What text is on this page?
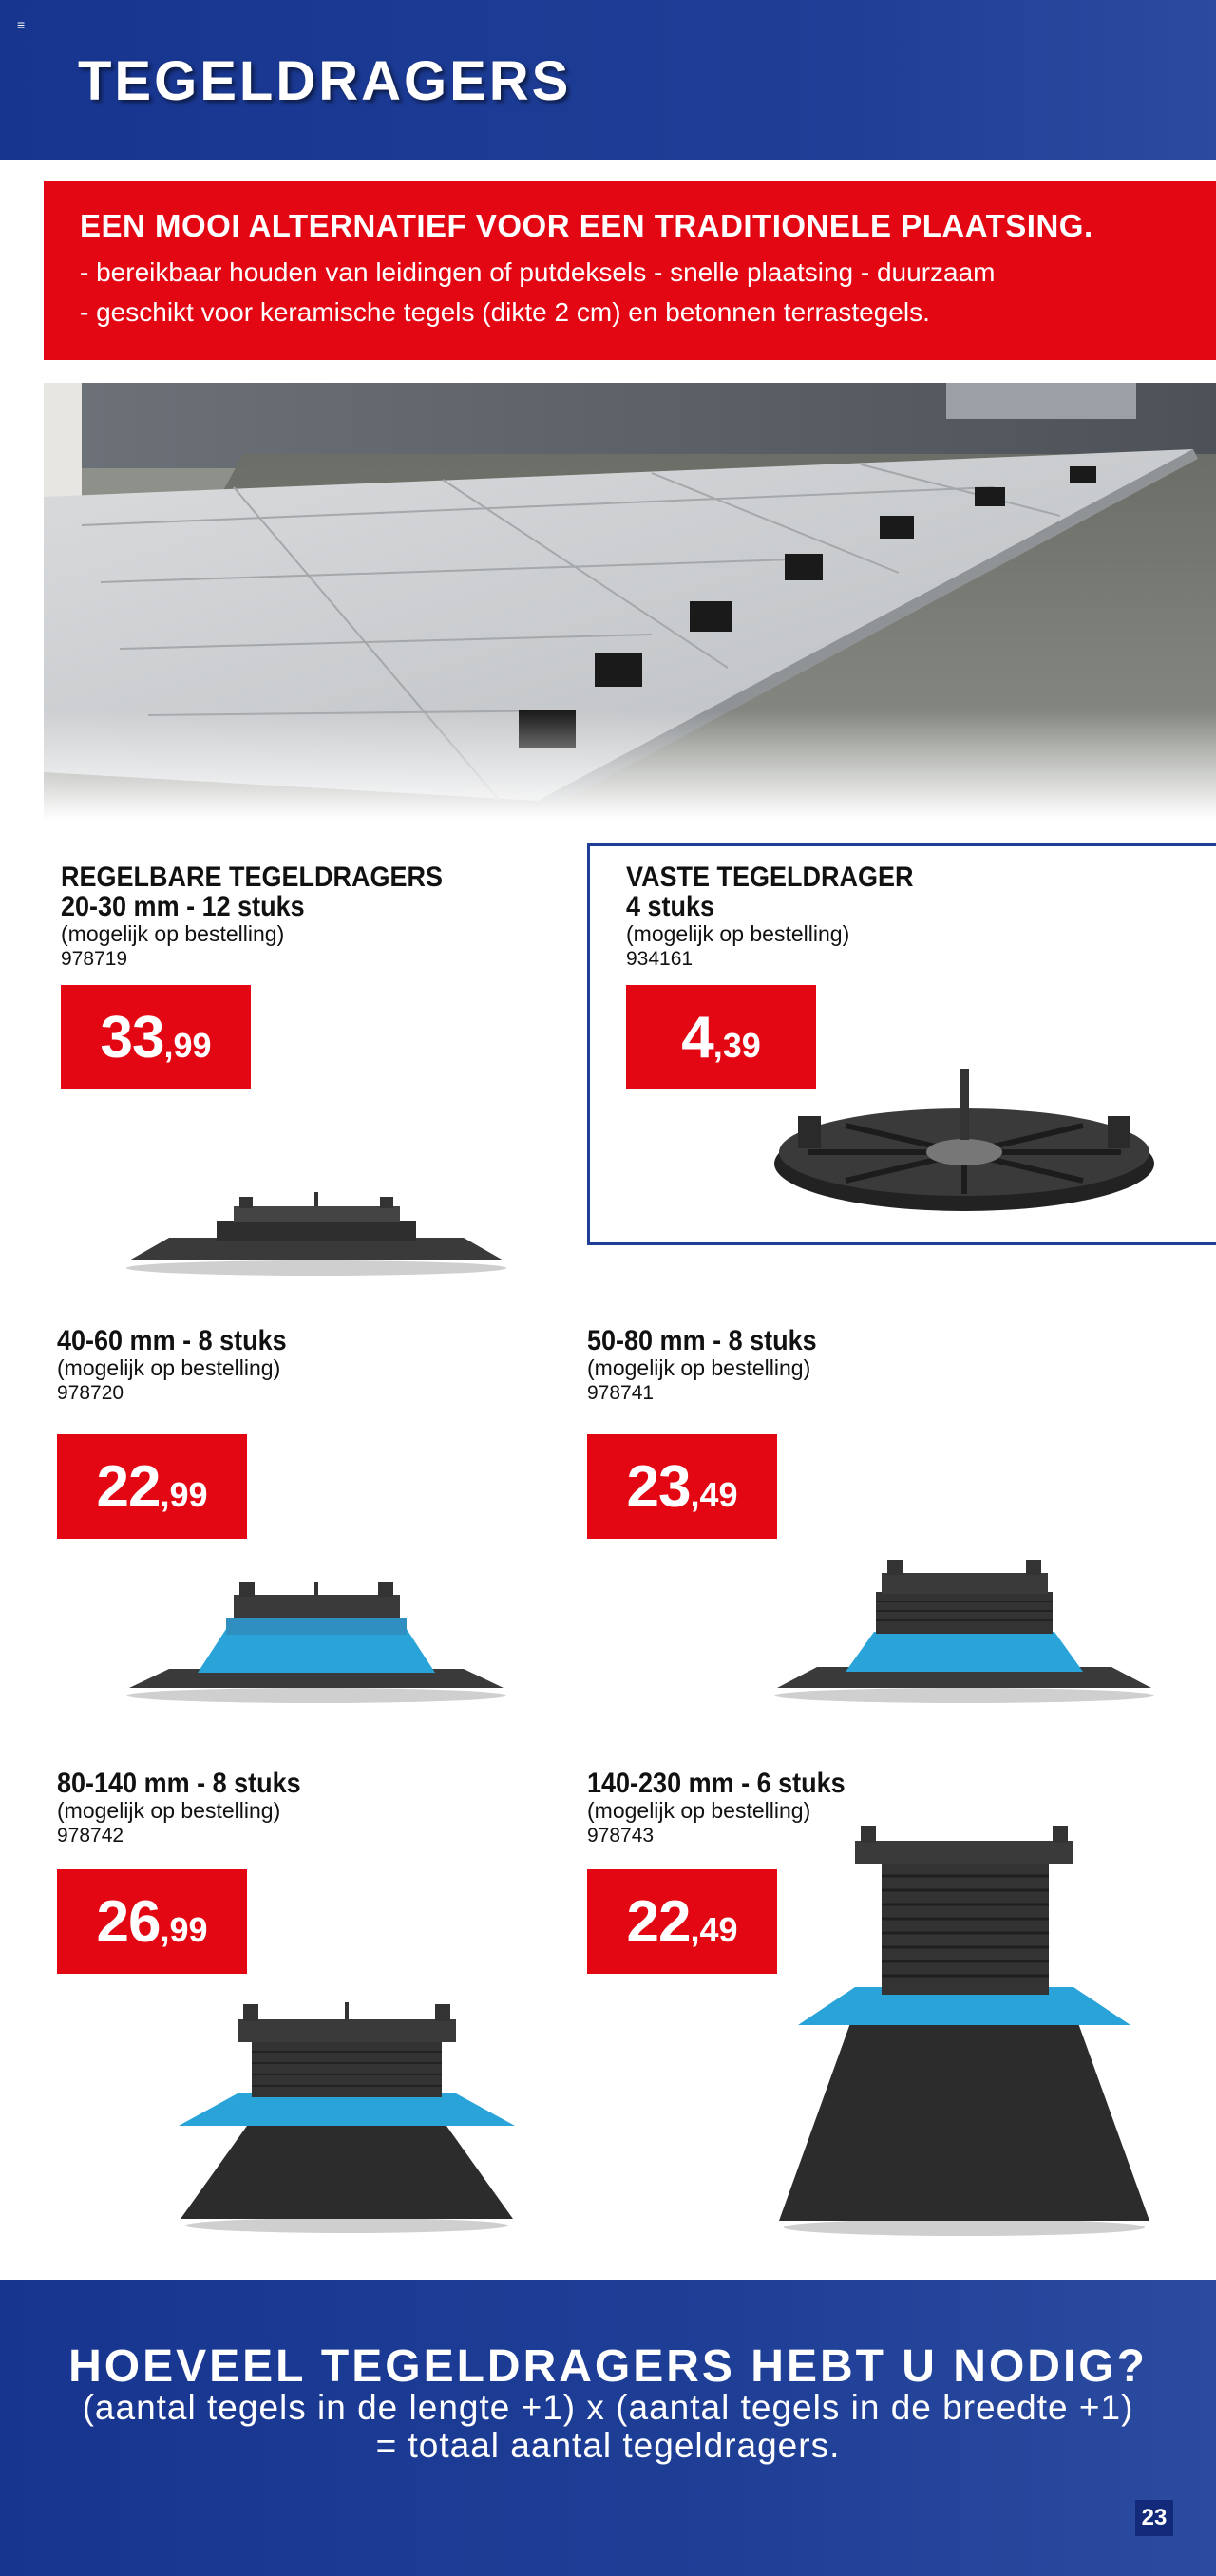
≡
TEGELDRAGERS
EEN MOOI ALTERNATIEF VOOR EEN TRADITIONELE PLAATSING.
- bereikbaar houden van leidingen of putdeksels - snelle plaatsing - duurzaam
- geschikt voor keramische tegels (dikte 2 cm) en betonnen terrastegels.
REGELBARE TEGELDRAGERS
20-30 mm - 12 stuks
(mogelijk op bestelling)
978719
33 ,99
VASTE TEGELDRAGER
4 stuks
(mogelijk op bestelling)
934161
4 ,39
40-60 mm - 8 stuks
(mogelijk op bestelling)
978720
22 ,99
50-80 mm - 8 stuks
(mogelijk op bestelling)
978741
23 ,49
80-140 mm - 8 stuks
(mogelijk op bestelling)
978742
26 ,99
140-230 mm - 6 stuks
(mogelijk op bestelling)
978743
22 ,49
HOEVEEL TEGELDRAGERS HEBT U NODIG?
(aantal tegels in de lengte +1) x (aantal tegels in de breedte +1)
= totaal aantal tegeldragers.
23
